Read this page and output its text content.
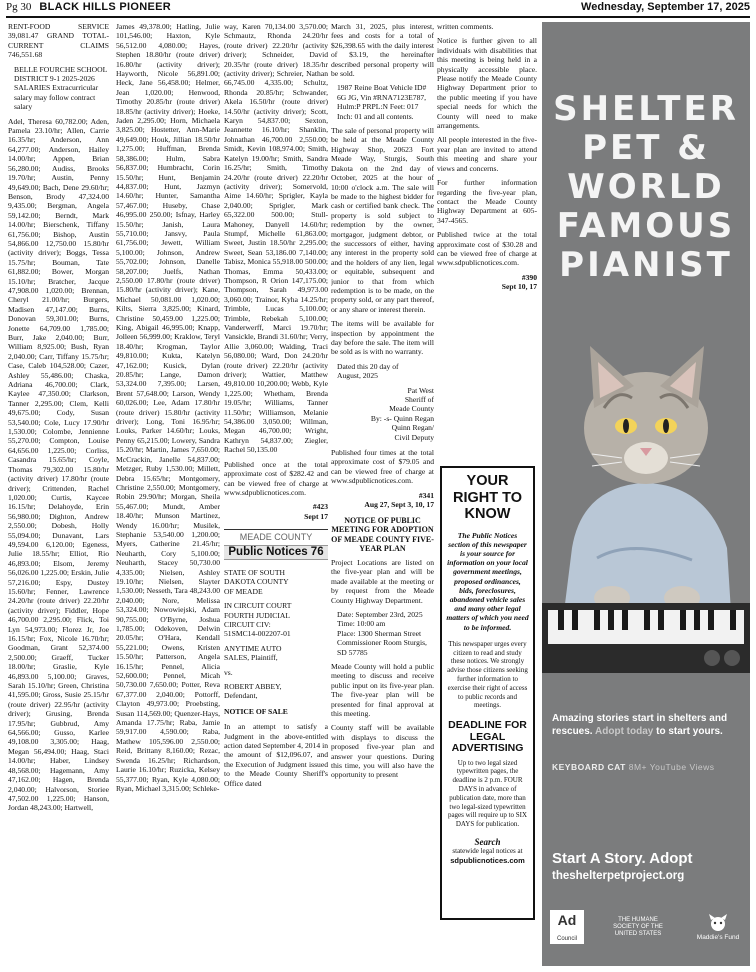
Pg 30 BLACK HILLS PIONEER	Wednesday, September 17, 2025

RENT-FOOD SERVICE 39,081.47 GRAND TOTAL-CURRENT CLAIMS 746,551.68

BELLE FOURCHE SCHOOL DISTRICT 9-1 2025-2026 SALARIES Extracurricular salary may follow contract salary

Adel, Theresa 60,782.00; Aden, Pamela 23.10/hr; Allen, Carrie 16.35/hr; Anderson, Ann 64,277.00; Anderson, Hailey 14.00/hr; Appen, Brian 56,280.00; Audiss, Brooks 19.70/hr; Austin, Penny 49,649.00; Bach, Dene 29.60/hr; Benson, Brody 47,324.00 9,435.00; Bergman, Angela 59,142.00; Berndt, Mark 14.00/hr; Bierschenk, Tiffany 61,756.00; Bishop, Austin 54,866.00 12,750.00 15.80/hr (activity driver); Boggs, Tessa 15.75/hr; Bouman, Tate 61,882.00; Bower, Morgan 15.10/hr; Bratcher, Jacque 47,908.00 1,020.00; Brennan, Cheryl 21.00/hr; Burgers, Madisen 47,147.00; Burns, Donovan 59,301.00; Burns, Jonette 64,709.00 1,785.00; Burr, Jake 2,040.00; Burr, William 8,925.00; Bush, Ryan 2,040.00; Carr, Tiffany 15.75/hr; Case, Caleb 104,528.00; Cazer, Ashley 55,486.00; Chaska, Adriana 46,700.00; Clark, Kaylee 47,350.00; Clarkson, Tanner 2,295.00; Clem, Kelli 49,675.00; Cody, Susan 53,540.00; Cole, Lucy 17.90/hr 1,530.00; Colombe, Jennienne 55,270.00; Compton, Louise 64,656.00 1,225.00; Corliss, Casandra 15.65/hr; Coyle, Thomas 79,302.00 15.80/hr (activity driver) 17.80/hr (route driver); Crittenden, Rachel 1,020.00; Curtis, Kaycee 16.15/hr; Delahoyde, Erin 56,980.00; Dighton, Andrew 2,550.00; Dobesh, Holly 55,094.00; Dunavant, Lars 49,594.00 6,120.00; Egeness, Julie 18.55/hr; Elliot, Rio 46,893.00; Elsom, Jeremy 56,026.00 1,225.00; Erskin, Julie 57,216.00; Espy, Dustey 15.60/hr; Fenner, Lawrence 24.20/hr (route driver) 22.20/hr (activity driver); Fiddler, Hope 46,700.00 2,295.00; Flick, Toi Lyn 54,973.00; Florez Jr, Joe 16.15/hr; Fox, Nicole 16.70/hr; Goodman, Grant 52,374.00 2,500.00; Graeff, Tucker 18.00/hr; Graslie, Kyle 46,893.00 5,100.00; Graves, Sarah 15.10/hr; Green, Christina 41,595.00; Gross, Susie 25.15/hr (route driver) 22.95/hr (activity driver); Grusing, Brenda 17.95/hr; Gubbrud, Amy 64,566.00; Gusso, Karlee 49,108.00 3,305.00; Haag, Megan 56,494.00; Haag, Staci 14.00/hr; Haber, Lindsey 48,568.00; Hagemann, Amy 47,162.00; Hagen, Brenda 2,040.00; Halvorson, Storiee 47,502.00 1,225.00; Hanson, Jordan 48,243.00; Hartwell,

James 49,378.00; Hatling, Julie 101,546.00; Haxton, Kyle 56,512.00 4,080.00; Hayes, Stephen 18.80/hr (route driver) 16.80/hr (activity driver); Hayworth, Nicole 56,891.00; Heck, Jane 56,458.00; Helmer, Jean 1,020.00; Henwood, Timothy 20.85/hr (route driver) 18.85/hr (activity driver); Hoeke, Jaden 2,295.00; Horn, Michaela 3,825.00; Hostetter, Ann-Marie 49,649.00; Houk, Jillian 18.50/hr 1,275.00; Huffman, Brenda 58,386.00; Hulm, Sabra 56,837.00; Humbracht, Corin 15.50/hr; Hunt, Benjamin 44,837.00; Hunt, Jazmyn 14.60/hr; Hunter, Samantha 57,467.00; Huseby, Chase 46,995.00 250.00; Isfnay, Harley 15.50/hr; Janish, Laura 55,710.00; Jansvy, Paula 61,756.00; Jewett, William 5,100.00; Johnson, Andrew 55,702.00; Johnson, Danelle 58,207.00; Juelfs, Nathan 2,550.00 17.80/hr (route driver) 15.80/hr (activity driver); Kane, Michael 50,081.00 1,020.00; Kilts, Sierra 3,825.00; Kinard, Christine 50,459.00 1,225.00; King, Abigail 46,995.00; Knapp, Jolleen 56,999.00; Kraklow, Teryl 18.40/hr; Krogman, Taylor 49,810.00; Kukta, Katelyn 47,162.00; Kusick, Dylan 20.85/hr; Lange, Damon 53,324.00 7,395.00; Larsen, Brent 57,648.00; Larson, Wendy 60,026.00; Lee, Adam 17.80/hr (route driver) 15.80/hr (activity driver); Long, Toni 16.95/hr; Louks, Parker 14.60/hr; Louks, Penny 65,215.00; Lowery, Sandra 15.20/hr; Martin, James 7,650.00; McCrackin, Janelle 54,837.00; Metzger, Ruby 1,530.00; Millett, Debra 15.65/hr; Montgomery, Christine 2,550.00; Montgomery, Robin 29.90/hr; Morgan, Sheila 55,467.00; Mundt, Amber 18.40/hr; Munson Martinez, Wendy 16.00/hr; Musilek, Stephanie 53,540.00 1,200.00; Myers, Catherine 21.45/hr; Neuharth, Cory 5,100.00; Neuharth, Stacey 50,730.00 4,335.00; Nielsen, Ashley 19.10/hr; Nielsen, Slayter 1,530.00; Nesseth, Tara 48,243.00 2,040.00; Nore, Melissa 53,324.00; Nowowiejski, Adam 90,755.00; O'Byrne, Joshua 1,785.00; Odekoven, Delwin 20.05/hr; O'Hara, Kendall 55,221.00; Owens, Kristen 15.50/hr; Patterson, Angela 16.15/hr; Pennel, Alicia 52,600.00; Pennel, Micah 50,730.00 7,650.00; Potter, Reva 67,377.00 2,040.00; Pottorff, Clayton 49,973.00; Proebsting, Susan 114,569.00; Quenzer-Hays, Amanda 17.75/hr; Raba, Jamie 59,917.00 4,590.00; Raba, Mathew 105,596.00 2,550.00; Reid, Brittany 8,160.00; Rezac, Swenda 16.25/hr; Richardson, Laurie 16.10/hr; Ruzicka, Kelsey 55,377.00; Ryan, Kyle 4,080.00; Ryan, Michael 3,315.00; Schleke-

way, Karen 70,134.00 3,570.00; Schmautz, Rhonda 24.20/hr (route driver) 22.20/hr (activity driver); Schneider, David 20.35/hr (route driver) 18.35/hr (activity driver); Schreier, Nathan 66,745.00 4,335.00; Schultz, Rhonda 20.85/hr; Schwander, Akela 16.50/hr (route driver) 14.50/hr (activity driver); Scott, Karyn 54,837.00; Sexton, Jeannette 16.10/hr; Shanklin, Johnathan 46,700.00 2,550.00; Smidt, Kevin 108,974.00; Smith, Katelyn 19.00/hr; Smith, Sandra 16.25/hr; Smith, Timothy 24.20/hr (route driver) 22.20/hr (activity driver); Somervold, Aime 14.60/hr; Sprigler, Kayla 2,040.00; Sprigler, Mark 65,322.00 500.00; Stull-Mahoney, Danyell 14.60/hr; Stumpf, Michelle 61,863.00; Sweet, Justin 18.50/hr 2,295.00; Sweet, Sean 53,186.00 7,140.00; Tabisz, Monica 55,918.00 500.00; Thomas, Emma 50,433.00; Thompson, R Orion 147,175.00; Thompson, Sarah 49,973.00 3,060.00; Trainor, Kyha 14.25/hr; Trimble, Lucas 5,100.00; Trimble, Rebekah 5,100.00; Vanderwerff, Marci 19.70/hr; Vansickle, Brandi 31.60/hr; Verry, Allie 3,060.00; Walding, Traci 56,080.00; Ward, Don 24.20/hr (route driver) 22.20/hr (activity driver); Wattier, Matthew 49,810.00 10,200.00; Webb, Kyle 1,225.00; Whetham, Brenda 19.05/hr; Williams, Tanner 11.50/hr; Williamson, Melanie 54,386.00 3,050.00; Willman, Megan 46,700.00; Wright, Kathryn 54,837.00; Ziegler, Rachel 50,135.00

Published once at the total approximate cost of $282.42 and can be viewed free of charge at www.sdpublicnotices.com.

#423
Sept 17
MEADE COUNTY
Public Notices 76

STATE OF SOUTH DAKOTA COUNTY OF MEADE

IN CIRCUIT COURT FOURTH JUDICIAL CIRCUIT CIV: 51SMC14-002207-01

ANYTIME AUTO SALES, Plaintiff,

vs.

ROBERT ABBEY, Defendant,

NOTICE OF SALE

In an attempt to satisfy a Judgment in the above-entitled action dated September 4, 2014 in the amount of $12,096.07, and the Execution of Judgment issued to the Meade County Sheriff's Office dated

March 31, 2025, plus interest, fees and costs for a total of $26,398.65 with the daily interest of $3.19, the hereinafter described personal property will be sold.

1987 Reine Boat Vehicle ID# 6G JG, Vin #RNA7123E787, Hulm:P PRPL:N Feet: 017 Inch: 01 and all contents.

The sale of personal property will be held at the Meade County Highway Shop, 20623 Fort Meade Way, Sturgis, South Dakota on the 2nd day of October, 2025 at the hour of 10:00 o'clock a.m. The sale will be made to the highest bidder for cash or certified bank check. The property is sold subject to redemption by the owner, mortgagor, judgment debtor, or the successors of either, having any interest in the property sold and the holders of any lien, legal or equitable, subsequent and junior to that from which redemption is to be made, on the property sold, or any part thereof, or any share or interest therein.

The items will be available for inspection by appointment the day before the sale. The item will be sold as is with no warranty.

Dated this 20 day of August, 2025

Pat West
Sheriff of
Meade County
By: -s- Quinn Regan
Quinn Regan/
Civil Deputy

Published four times at the total approximate cost of $79.05 and can be viewed free of charge at www.sdpublicnotices.com.

#341
Aug 27, Sept 3, 10, 17
NOTICE OF PUBLIC MEETING FOR ADOPTION OF MEADE COUNTY FIVE-YEAR PLAN

Project Locations are listed on the five-year plan and will be made available at the meeting or by request from the Meade County Highway Department.

Date: September 23rd, 2025
Time: 10:00 am
Place: 1300 Sherman Street Commissioner Room Sturgis, SD 57785

Meade County will hold a public meeting to discuss and receive public input on its five-year plan. The five-year plan will be presented for final approval at this meeting.

County staff will be available with displays to discuss the proposed five-year plan and answer your questions. During this time, you will also have the opportunity to present

written comments.

Notice is further given to all individuals with disabilities that this meeting is being held in a physically accessible place. Please notify the Meade County Highway Department prior to the public meeting if you have special needs for which the County will need to make arrangements.

All people interested in the five-year plan are invited to attend this meeting and share your views and concerns.

For further information regarding the five-year plan, contact the Meade County Highway Department at 605-347-4565.

Published twice at the total approximate cost of $30.28 and can be viewed free of charge at www.sdpublicnotices.com.

#390
Sept 10, 17
YOUR RIGHT TO KNOW
The Public Notices section of this newspaper is your source for information on your local government meetings, proposed ordinances, bids, foreclosures, abandoned vehicle sales and many other legal matters of which you need to be informed.
This newspaper urges every citizen to read and study these notices. We strongly advise those citizens seeking further information to exercise their right of access to public records and meetings.
DEADLINE FOR LEGAL ADVERTISING
Up to two legal sized typewritten pages, the deadline is 2 p.m. FOUR DAYS in advance of publication date, more than two legal-sized typewritten pages will require up to SIX DAYS for publication.
Search
statewide legal notices at
sdpublicnotices.com
SHELTER
PET &
WORLD
FAMOUS
PIANIST
Amazing stories start in shelters and rescues. Adopt today to start yours.
KEYBOARD CAT 8M+ YouTube Views
Start A Story. Adopt
theshelterpetproject.org
Ad
Council
THE HUMANE SOCIETY OF THE UNITED STATES	Maddie's Fund
